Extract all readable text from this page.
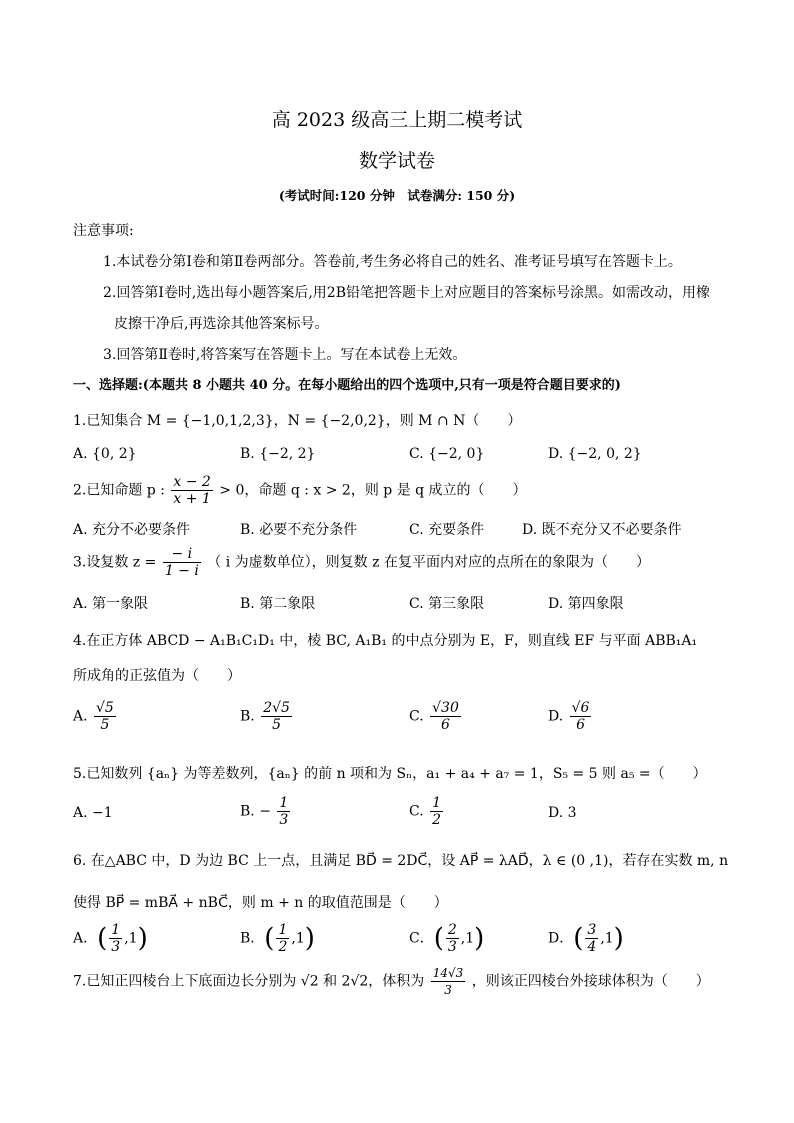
高 2023 级高三上期二模考试
数学试卷
(考试时间:120 分钟　试卷满分: 150 分)
注意事项:
1.本试卷分第Ⅰ卷和第Ⅱ卷两部分。答卷前,考生务必将自己的姓名、准考证号填写在答题卡上。
2.回答第Ⅰ卷时,选出每小题答案后,用2B铅笔把答题卡上对应题目的答案标号涂黑。如需改动，用橡
皮擦干净后,再选涂其他答案标号。
3.回答第Ⅱ卷时,将答案写在答题卡上。写在本试卷上无效。
一、选择题:(本题共 8 小题共 40 分。在每小题给出的四个选项中,只有一项是符合题目要求的)
1.已知集合 M = {−1,0,1,2,3}，N = {−2,0,2}，则 M ∩ N（　　）
A. {0, 2}	B. {−2, 2}	C. {−2, 0}	D. {−2, 0, 2}
2.已知命题 p : $\frac{x - 2}{x + 1} > 0$，命题 q : x > 2，则 p 是 q 成立的（　　）
A. 充分不必要条件	B. 必要不充分条件	C. 充要条件	D. 既不充分又不必要条件
3.设复数 $z = \frac{- i}{1 - i}$ （ i 为虚数单位），则复数 z 在复平面内对应的点所在的象限为（　　）
A. 第一象限	B. 第二象限	C. 第三象限	D. 第四象限
4.在正方体 ABCD − A₁B₁C₁D₁ 中，棱 BC, A₁B₁ 的中点分别为 E，F，则直线 EF 与平面 ABB₁A₁
所成角的正弦值为（　　）
A. $\frac{√5}{5}$	B. $\frac{2√5}{5}$	C. $\frac{√30}{6}$	D. $\frac{√6}{6}$
5.已知数列 {aₙ} 为等差数列，{aₙ} 的前 n 项和为 Sₙ，a₁ + a₄ + a₇ = 1，S₅ = 5 则 a₅ =（　　）
A. −1	B. − $\frac{1}{3}$	C. $\frac{1}{2}$	D. 3
6. 在△ABC 中，D 为边 BC 上一点，且满足 BD⃗ = 2DC⃗，设 AP⃗ = λAD⃗，λ ∈ (0 ,1)，若存在实数 m, n
使得 BP⃗ = mBA⃗ + nBC⃗，则 m + n 的取值范围是（　　）
A．( $\frac{1}{3} ,1$)	B．( $\frac{1}{2} ,1$)	C．( $\frac{2}{3} ,1$)	D．( $\frac{3}{4} ,1$)
7.已知正四棱台上下底面边长分别为 √2 和 2√2，体积为 $\frac{14√3}{3}$ ，则该正四棱台外接球体积为（　　）
